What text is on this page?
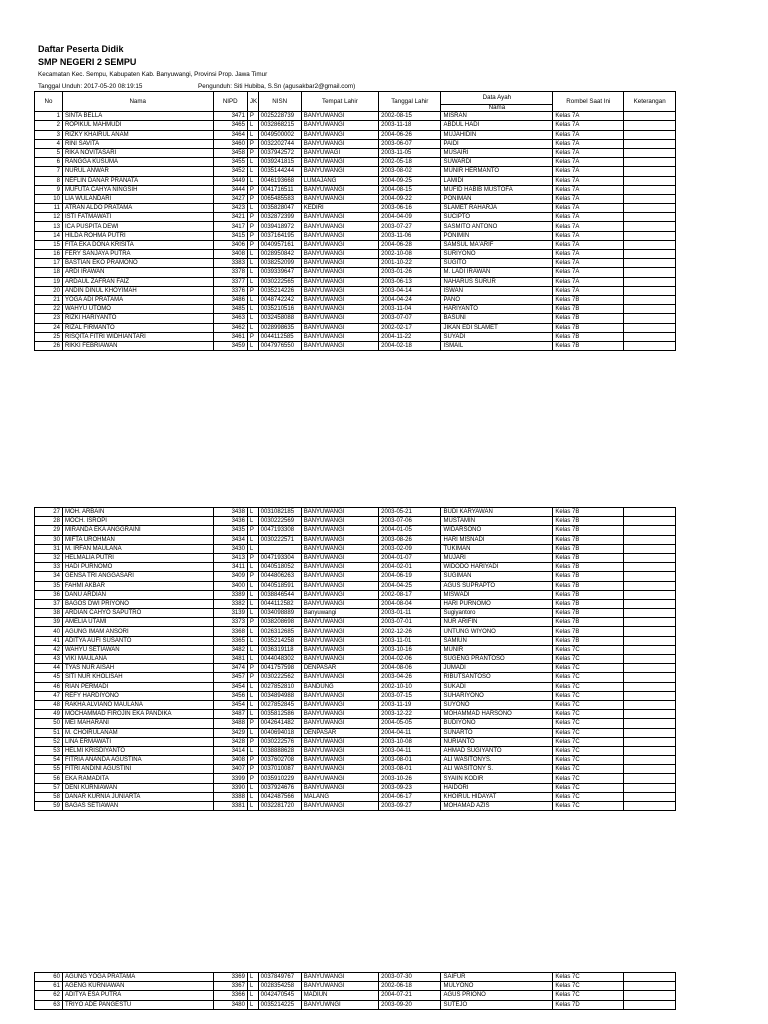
Daftar Peserta Didik
SMP NEGERI 2 SEMPU
Kecamatan Kec. Sempu, Kabupaten Kab. Banyuwangi, Provinsi Prop. Jawa Timur
Tanggal Unduh: 2017-05-20 08:19:15	Pengunduh: Siti Hubiba, S.Sn (agusakbar2@gmail.com)
No	Nama	NIPD	JK	NISN	Tempat Lahir	Tanggal Lahir	Data Ayah	Rombel Saat Ini	Keterangan
							Nama		
1	SINTA BELLA	3471	P	0025228739	BANYUWANGI	2002-08-15	MISRAN	Kelas 7A	
2	ROPIKUL MAHMUDI	3465	L	0032868215	BANYUWANGI	2003-11-18	ABDUL HADI	Kelas 7A	
3	RIZKY KHAIRUL ANAM	3464	L	0049500002	BANYUWANGI	2004-06-26	MUJAHIDIN	Kelas 7A	
4	RINI SAVITA	3460	P	0032202744	BANYUWANGI	2003-06-07	PAIDI	Kelas 7A	
5	RIKA NOVITASARI	3458	P	0037942572	BANYUWAGI	2003-11-05	MUSAIRI	Kelas 7A	
6	RANGGA KUSUMA	3455	L	0039241815	BANYUWANGI	2002-05-18	SUWARDI	Kelas 7A	
7	NURUL ANWAR	3452	L	0035144244	BANYUWANGI	2003-08-02	MUNIR HERMANTO	Kelas 7A	
8	NEFLIN DANAR PRANATA	3449	L	0046193668	LUMAJANG	2004-09-25	LAMIDI	Kelas 7A	
9	MUFUTA CAHYA NINGSIH	3444	P	0041716511	BANYUWANGI	2004-08-15	MUFID HABIB MUSTOFA	Kelas 7A	
10	LIA WULANDARI	3427	P	0065485583	BANYUWANGI	2004-09-22	PONIMAN	Kelas 7A	
11	ATRAN ALDO PRATAMA	3423	L	0035828047	KEDIRI	2003-06-16	SLAMET RAHARJA	Kelas 7A	
12	ISTI FATMAWATI	3421	P	0032872399	BANYUWANGI	2004-04-09	SUCIPTO	Kelas 7A	
13	ICA PUSPITA DEWI	3417	P	0039418972	BANYUWANGI	2003-07-27	SASMITO ANTONO	Kelas 7A	
14	HILDA ROHMA PUTRI	3415	P	0037164195	BANYUWANGI	2003-11-06	PONIMIN	Kelas 7A	
15	FITA EKA DONA KRISITA	3406	P	0040957161	BANYUWANGI	2004-06-28	SAMSUL MA'ARIF	Kelas 7A	
16	FERY SANJAYA PUTRA	3408	L	0028950842	BANYUWANGI	2002-10-08	SURIYONO	Kelas 7A	
17	BASTIAN EKO PRAMONO	3383	L	0038252099	BANYUWANGI	2001-10-22	SUGITO	Kelas 7A	
18	ARDI IRAWAN	3378	L	0039339647	BANYUWANGI	2003-01-26	M. LADI IRAWAN	Kelas 7A	
19	ARDAUL ZAFRAN FAIZ	3377	L	0030222565	BANYUWANGI	2003-06-13	NAHARUS SURUR	Kelas 7A	
20	ANDIN DINUL KHOYIMAH	3376	P	0035214226	BANYUWANGI	2003-04-14	ISWAN	Kelas 7A	
21	YOGA ADI PRATAMA	3486	L	0048742242	BANYUWANGI	2004-04-24	PANO	Kelas 7B	
22	WAHYU UTOMO	3485	L	0035210516	BANYUWANGI	2003-11-04	HARIYANTO	Kelas 7B	
23	RIZKI HARIYANTO	3463	L	0032458088	BANYUWANGI	2003-07-07	BASUNI	Kelas 7B	
24	RIZAL FIRMANTO	3462	L	0028998635	BANYUWANGI	2002-02-17	JIKAN EDI SLAMET	Kelas 7B	
25	RISQITA FITRI WIDHIANTARI	3461	P	0044112585	BANYUWANGI	2004-11-22	SUYADI	Kelas 7B	
26	RIKKI FEBRIAWAN	3459	L	0047976550	BANYUWANGI	2004-02-18	ISMAIL	Kelas 7B	
27	MOH. ARBAIN	3438	L	0031082185	BANYUWANGI	2003-05-21	BUDI KARYAWAN	Kelas 7B	
28	MOCH. ISROPI	3436	L	0030222569	BANYUWANGI	2003-07-06	MUSTAMIN	Kelas 7B	
29	MIRANDA EKA ANGGRAINI	3435	P	0047193308	BANYUWANGI	2004-01-05	WIDARSONO	Kelas 7B	
30	MIFTA UROHMAN	3434	L	0030222571	BANYUWANGI	2003-08-26	HARI MISNADI	Kelas 7B	
31	M. IRFAN MAULANA	3430	L		BANYUWANGI	2003-02-09	TUKIMAN	Kelas 7B	
32	HELMALIA PUTRI	3413	P	0047193304	BANYUWANGI	2004-01-07	MUJARI	Kelas 7B	
33	HADI PURNOMO	3411	L	0040518052	BANYUWANGI	2004-02-01	WIDODO HARIYADI	Kelas 7B	
34	GENSA TRI ANGGASARI	3409	P	0044806263	BANYUWANGI	2004-06-19	SUGIMAN	Kelas 7B	
35	FAHMI AKBAR	3400	L	0040518591	BANYUWANGI	2004-04-25	AGUS SUPRAPTO	Kelas 7B	
36	DANU ARDIAN	3389	L	0038846544	BANYUWANGI	2002-08-17	MISWADI	Kelas 7B	
37	BAGOS DWI PRIYONO	3382	L	0044112582	BANYUWANGI	2004-08-04	HARI PURNOMO	Kelas 7B	
38	ARDIAN CAHYO SAPUTRO	3139	L	0034098889	Banyuwangi	2003-01-11	Sugiyantoro	Kelas 7B	
39	AMELIA UTAMI	3373	P	0038208698	BANYUWANGI	2003-07-01	NUR ARIFIN	Kelas 7B	
40	AGUNG IMAM ANSORI	3368	L	0026312685	BANYUWANGI	2002-12-26	UNTUNG WIYONO	Kelas 7B	
41	ADITYA AUFI SUSANTO	3365	L	0035214258	BANYUWANGI	2003-11-01	SAMIUN	Kelas 7B	
42	WAHYU SETIAWAN	3482	L	0036319118	BANYUWANGI	2003-10-16	MUNIR	Kelas 7C	
43	VIKI MAULANA	3481	L	0044048302	BANYUWANGI	2004-02-06	SUGENG PRANTOSO	Kelas 7C	
44	TYAS NUR AISAH	3474	P	0041757598	DENPASAR	2004-08-06	JUMADI	Kelas 7C	
45	SITI NUR KHOLISAH	3457	P	0030222562	BANYUWANGI	2003-04-26	RIBUTSANTOSO	Kelas 7C	
46	RIAN PERMADI	3454	L	0027852810	BANDUNG	2002-10-10	SUKADI	Kelas 7C	
47	REFY HARDIYONO	3456	L	0034894988	BANYUWANGI	2003-07-15	SUHARIYONO	Kelas 7C	
48	RAKHA ALVIANO MAULANA	3454	L	0027852845	BANYUWANGI	2003-11-19	SUYONO	Kelas 7C	
49	MOCHAMMAD FIROJIN EKA PANDIKA	3487	L	0035812586	BANYUWANGI	2003-12-22	MOHAMMAD HARSONO	Kelas 7C	
50	MEI MAHARANI	3488	P	0042641482	BANYUWANGI	2004-05-05	BUDIYONO	Kelas 7C	
51	M. CHOIRULANAM	3429	L	0040694018	DENPASAR	2004-04-11	SUNARTO	Kelas 7C	
52	LINA ERMAWATI	3428	P	0030222576	BANYUWANGI	2003-10-08	NURIANTO	Kelas 7C	
53	HELMI KRISDIYANTO	3414	L	0038888628	BANYUWANGI	2003-04-11	AHMAD SUGIYANTO	Kelas 7C	
54	FITRIA ANANDA AGUSTINA	3408	P	0037602708	BANYUWANGI	2003-08-01	ALI WASITONYS.	Kelas 7C	
55	FITRI ANDINI AGUSTINI	3407	P	0037010087	BANYUWANGI	2003-08-01	ALI WASITONY S.	Kelas 7C	
56	EKA RAMADITA	3399	P	0035910229	BANYUWANGI	2003-10-26	SYAIIN KODIR	Kelas 7C	
57	DENI KURNIAWAN	3390	L	0037924676	BANYUWANGI	2003-09-23	HAIDORI	Kelas 7C	
58	DANAR KURNIA JUNIARTA	3388	L	0042487566	MALANG	2004-06-17	KHOIRUL HIDAYAT	Kelas 7C	
59	BAGAS SETIAWAN	3381	L	0032281720	BANYUWANGI	2003-09-27	MOHAMAD AZIS	Kelas 7C	
60	AGUNG YOGA PRATAMA	3369	L	0037849767	BANYUWANGI	2003-07-30	SAIFUR	Kelas 7C	
61	AGENG KURNIAWAN	3367	L	0028354258	BANYUWANGI	2002-06-18	MULYONO	Kelas 7C	
62	ADITYA ESA PUTRA	3366	L	0042470545	MADIUN	2004-07-21	AGUS PRIONO	Kelas 7C	
63	TRIYO ADE PANGESTU	3480	L	0035214225	BANYUWNGI	2003-09-20	SUTEJO	Kelas 7D	
